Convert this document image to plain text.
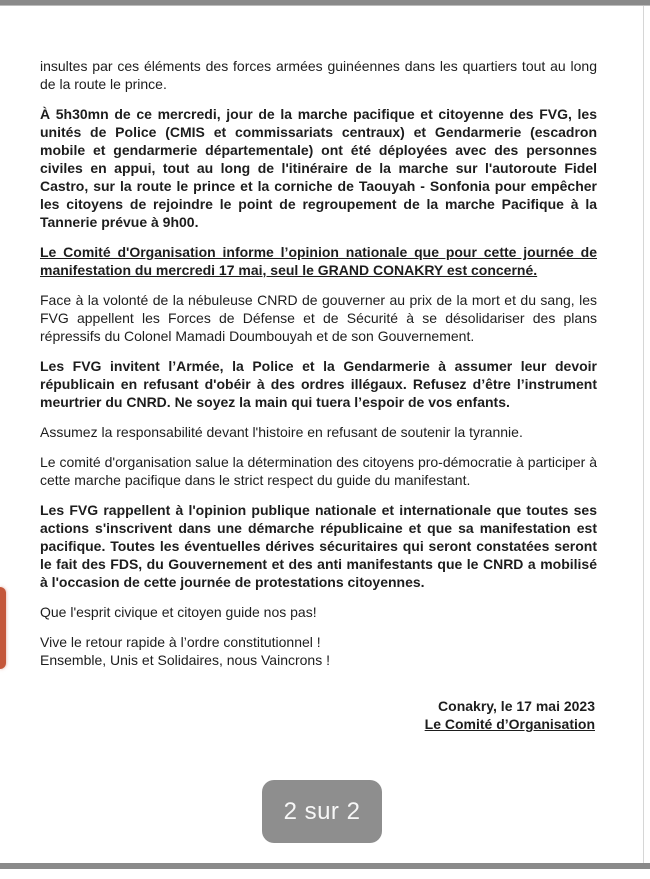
insultes par ces éléments des forces armées guinéennes dans les quartiers tout au long de la route le prince.

À 5h30mn de ce mercredi, jour de la marche pacifique et citoyenne des FVG, les unités de Police (CMIS et commissariats centraux) et Gendarmerie (escadron mobile et gendarmerie départementale) ont été déployées avec des personnes civiles en appui, tout au long de l'itinéraire de la marche sur l'autoroute Fidel Castro, sur la route le prince et la corniche de Taouyah - Sonfonia pour empêcher les citoyens de rejoindre le point de regroupement de la marche Pacifique à la Tannerie prévue à 9h00.

Le Comité d'Organisation informe l’opinion nationale que pour cette journée de manifestation du mercredi 17 mai, seul le GRAND CONAKRY est concerné.

Face à la volonté de la nébuleuse CNRD de gouverner au prix de la mort et du sang, les FVG appellent les Forces de Défense et de Sécurité à se désolidariser des plans répressifs du Colonel Mamadi Doumbouyah et de son Gouvernement.

Les FVG invitent l’Armée, la Police et la Gendarmerie à assumer leur devoir républicain en refusant d'obéir à des ordres illégaux. Refusez d’être l’instrument meurtrier du CNRD. Ne soyez la main qui tuera l’espoir de vos enfants.

Assumez la responsabilité devant l'histoire en refusant de soutenir la tyrannie.

Le comité d'organisation salue la détermination des citoyens pro-démocratie à participer à cette marche pacifique dans le strict respect du guide du manifestant.

Les FVG rappellent à l'opinion publique nationale et internationale que toutes ses actions s'inscrivent dans une démarche républicaine et que sa manifestation est pacifique. Toutes les éventuelles dérives sécuritaires qui seront constatées seront le fait des FDS, du Gouvernement et des anti manifestants que le CNRD a mobilisé à l'occasion de cette journée de protestations citoyennes.

Que l'esprit civique et citoyen guide nos pas!

Vive le retour rapide à l’ordre constitutionnel !
Ensemble, Unis et Solidaires, nous Vaincrons !
Conakry, le 17 mai 2023
Le Comité d’Organisation
2 sur 2
